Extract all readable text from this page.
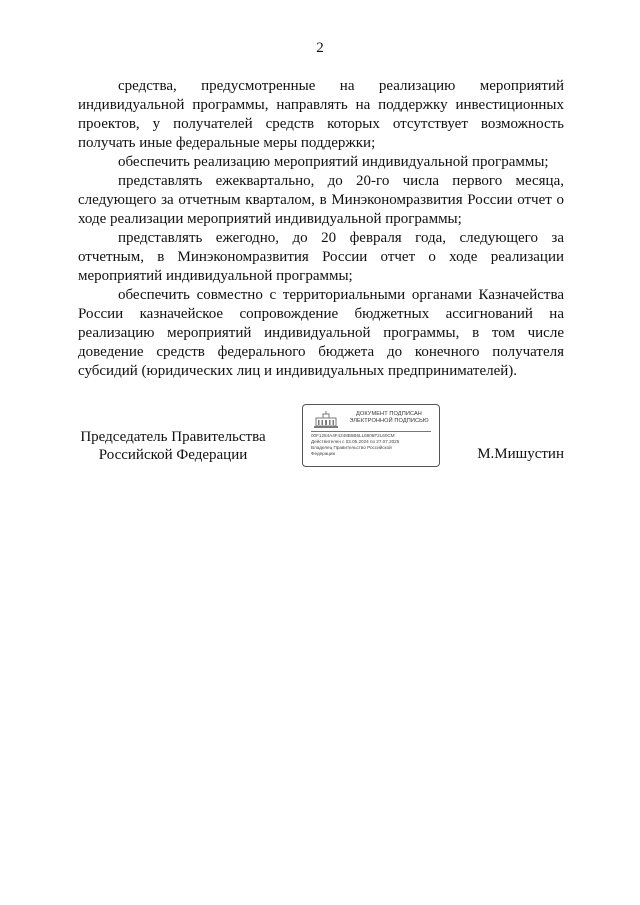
2

средства, предусмотренные на реализацию мероприятий индивидуальной программы, направлять на поддержку инвестиционных проектов, у получателей средств которых отсутствует возможность получать иные федеральные меры поддержки;

обеспечить реализацию мероприятий индивидуальной программы;

представлять ежеквартально, до 20-го числа первого месяца, следующего за отчетным кварталом, в Минэкономразвития России отчет о ходе реализации мероприятий индивидуальной программы;

представлять ежегодно, до 20 февраля года, следующего за отчетным, в Минэкономразвития России отчет о ходе реализации мероприятий индивидуальной программы;

обеспечить совместно с территориальными органами Казначейства России казначейское сопровождение бюджетных ассигнований на реализацию мероприятий индивидуальной программы, в том числе доведение средств федерального бюджета до конечного получателя субсидий (юридических лиц и индивидуальных предпринимателей).

Председатель Правительства
Российской Федерации
ДОКУМЕНТ ПОДПИСАН
ЭЛЕКТРОННОЙ ПОДПИСЬЮ
00F1284A4F4248B5B6LL6806F2L60CM
Действителен с 03.05.2024 по 27.07.2025
Владелец Правительство Российской
Федерации	М.Мишустин
